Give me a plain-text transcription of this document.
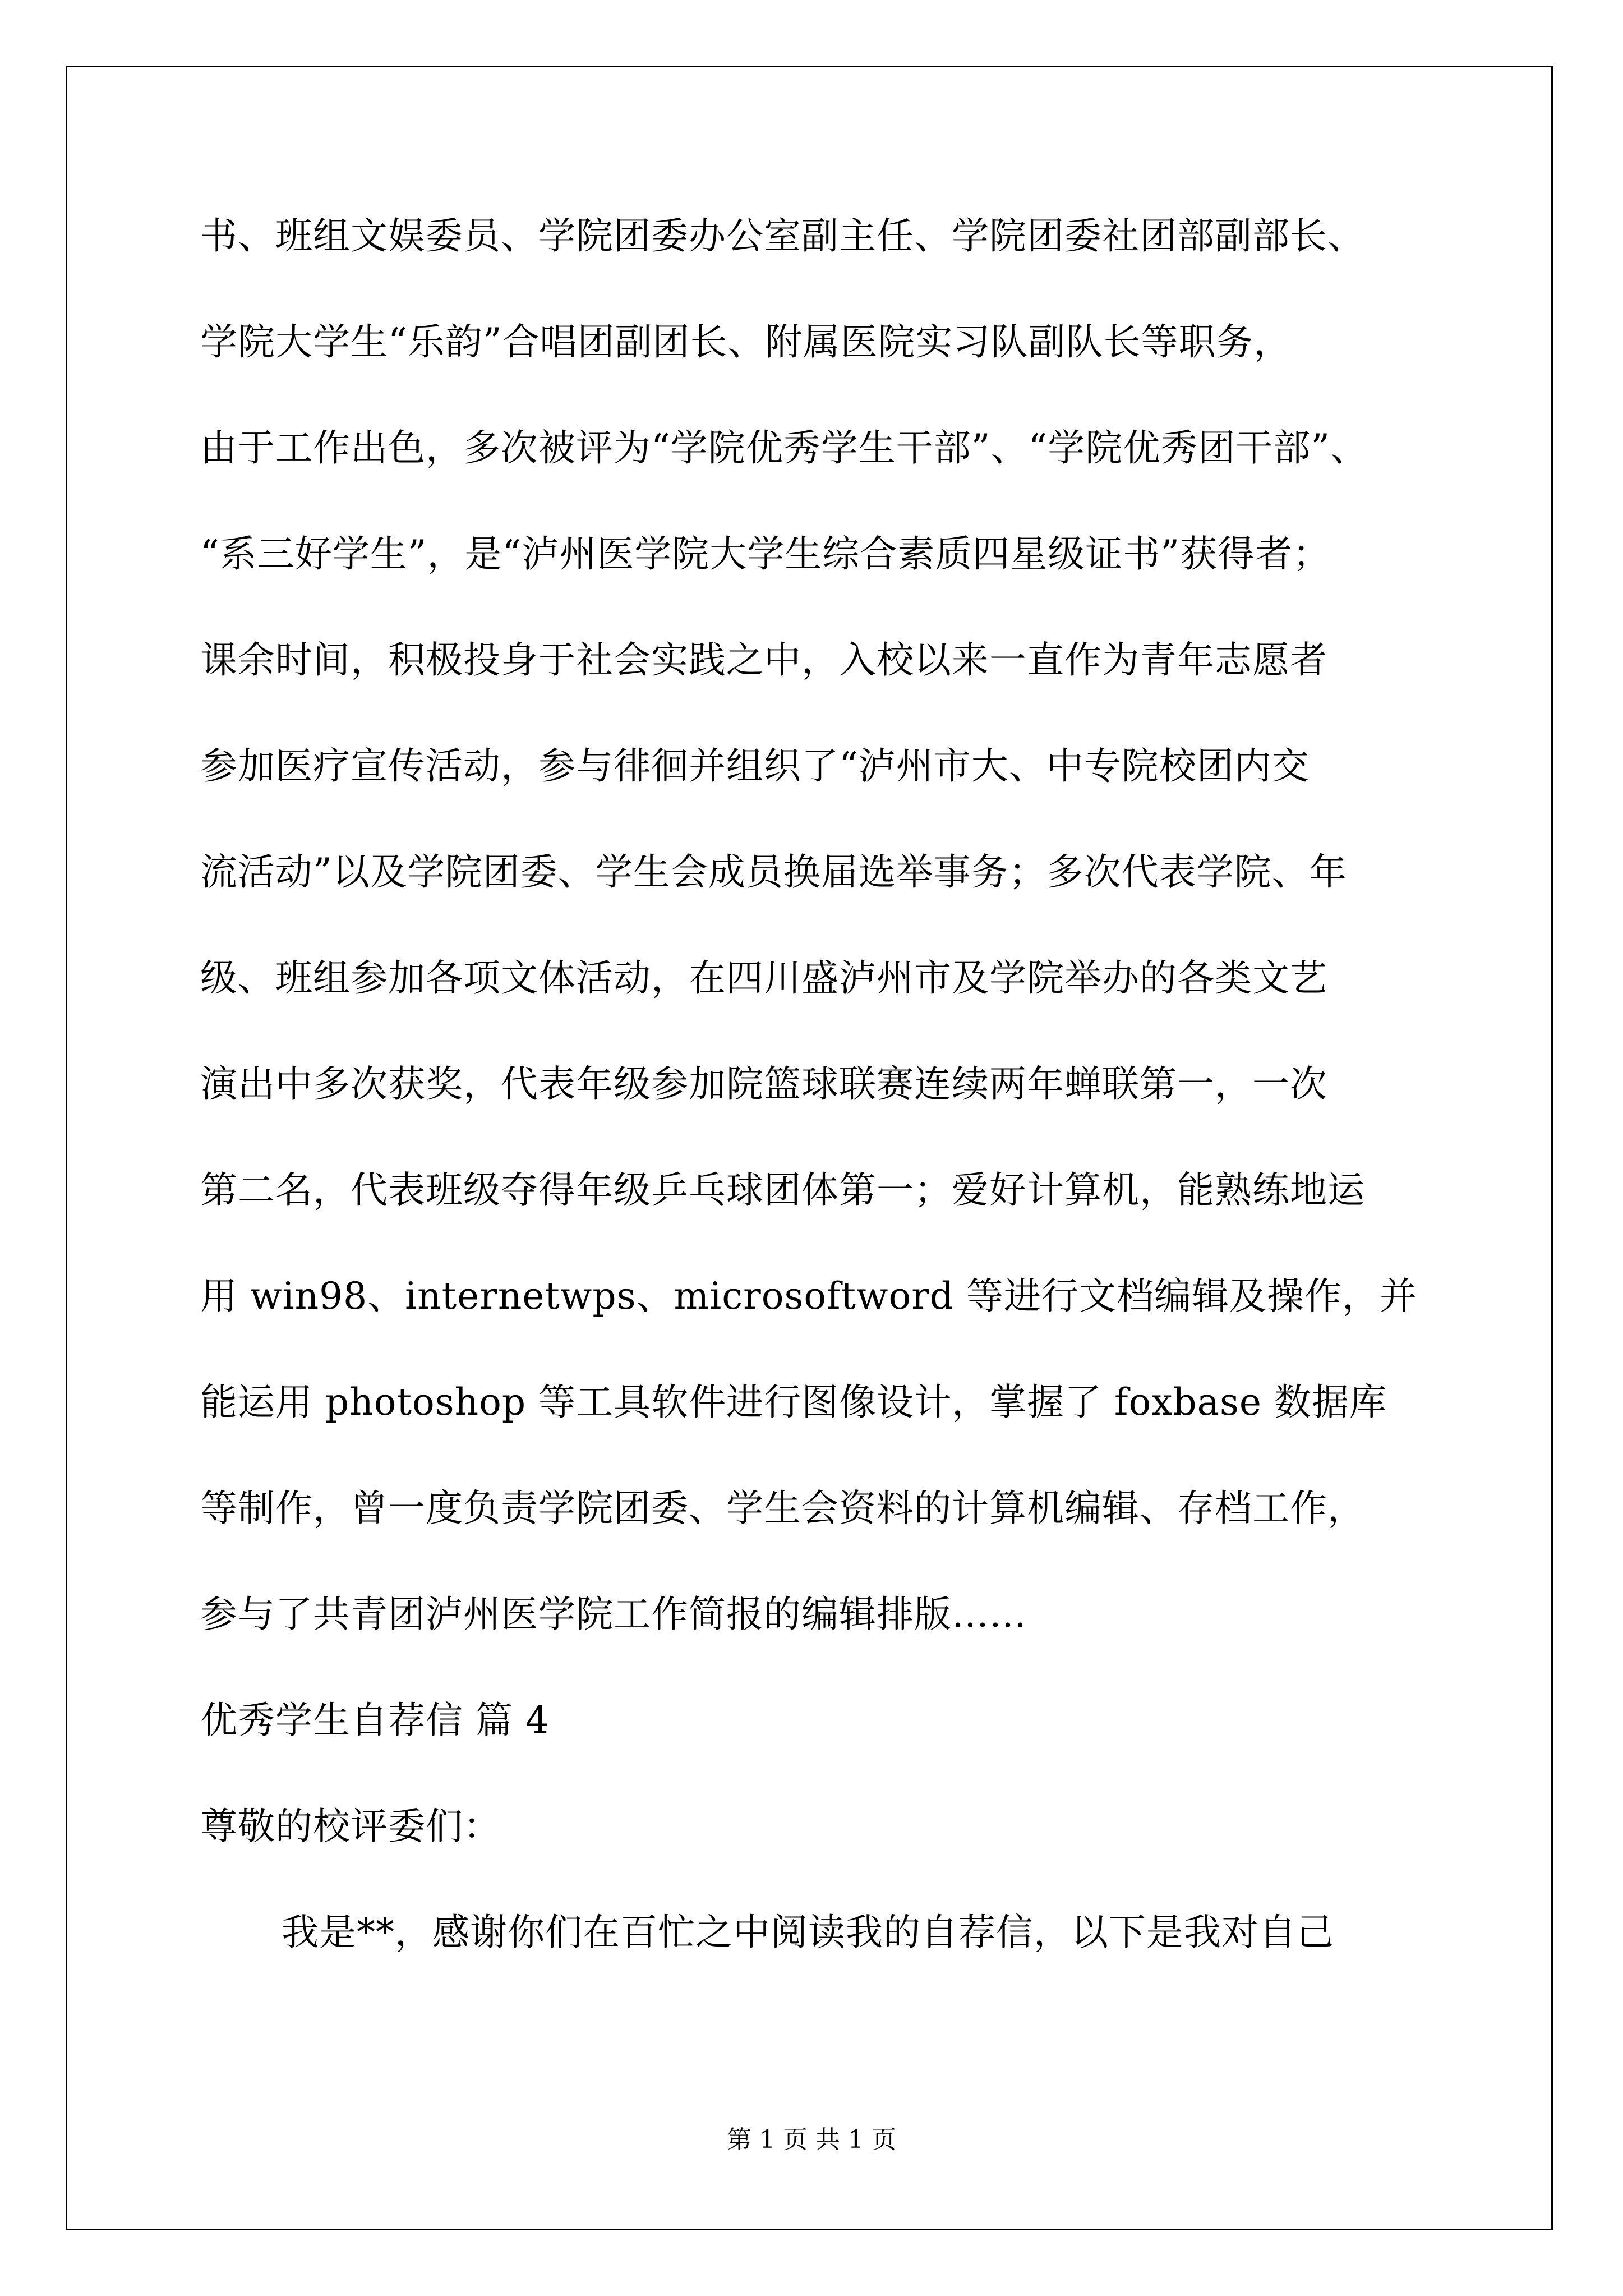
书、班组文娱委员、学院团委办公室副主任、学院团委社团部副部长、
学院大学生“乐韵”合唱团副团长、附属医院实习队副队长等职务，
由于工作出色，多次被评为“学院优秀学生干部”、“学院优秀团干部”、
“系三好学生”，是“泸州医学院大学生综合素质四星级证书”获得者；
课余时间，积极投身于社会实践之中，入校以来一直作为青年志愿者
参加医疗宣传活动，参与徘徊并组织了“泸州市大、中专院校团内交
流活动”以及学院团委、学生会成员换届选举事务；多次代表学院、年
级、班组参加各项文体活动，在四川盛泸州市及学院举办的各类文艺
演出中多次获奖，代表年级参加院篮球联赛连续两年蝉联第一，一次
第二名，代表班级夺得年级乒乓球团体第一；爱好计算机，能熟练地运
用 win98、internetwps、microsoftword 等进行文档编辑及操作，并
能运用 photoshop 等工具软件进行图像设计，掌握了 foxbase 数据库
等制作，曾一度负责学院团委、学生会资料的计算机编辑、存档工作，
参与了共青团泸州医学院工作简报的编辑排版……
优秀学生自荐信 篇 4
尊敬的校评委们：
我是**，感谢你们在百忙之中阅读我的自荐信，以下是我对自己
第 1 页 共 1 页
